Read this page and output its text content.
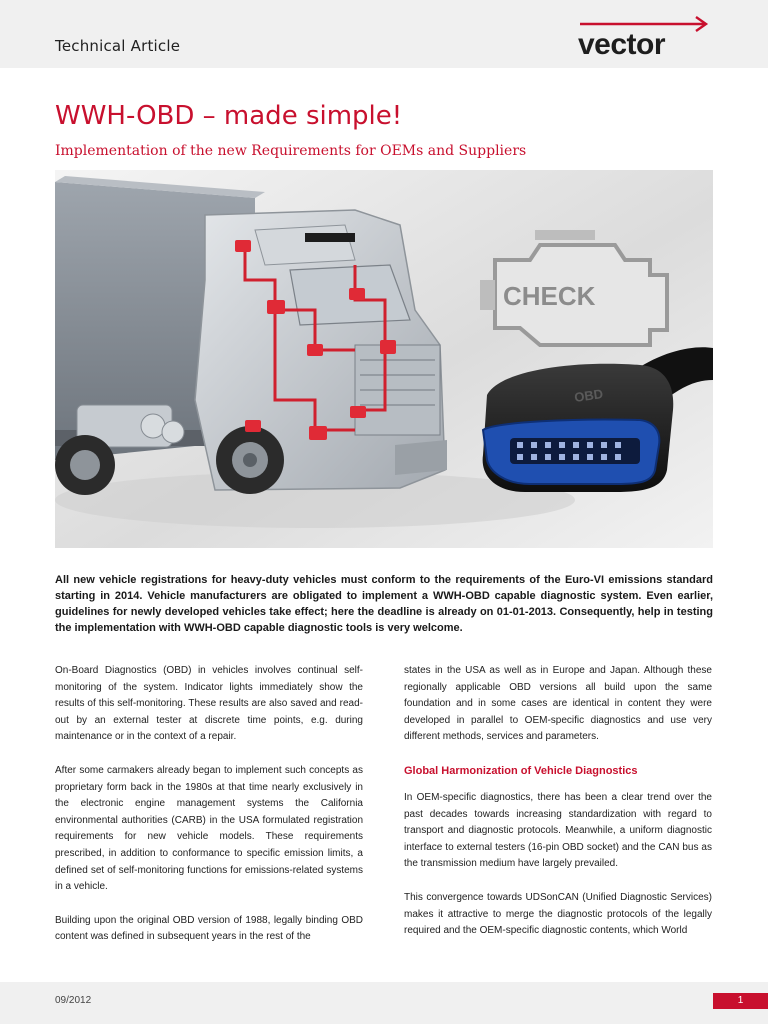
Technical Article	vector
WWH-OBD – made simple!
Implementation of the new Requirements for OEMs and Suppliers
CHECK
OBD
All new vehicle registrations for heavy-duty vehicles must conform to the requirements of the Euro-VI emissions standard starting in 2014. Vehicle manufacturers are obligated to implement a WWH-OBD capable diagnostic system. Even earlier, guidelines for newly developed vehicles take effect; here the deadline is already on 01-01-2013. Consequently, help in testing the implementation with WWH-OBD capable diagnostic tools is very welcome.

On-Board Diagnostics (OBD) in vehicles involves continual self-monitoring of the system. Indicator lights immediately show the results of this self-monitoring. These results are also saved and read-out by an external tester at discrete time points, e.g. during maintenance or in the context of a repair.

After some carmakers already began to implement such concepts as proprietary form back in the 1980s at that time nearly exclusively in the electronic engine management systems the California environmental authorities (CARB) in the USA formulated registration requirements for new vehicle models. These requirements prescribed, in addition to conformance to specific emission limits, a defined set of self-monitoring functions for emissions-related systems in a vehicle.

Building upon the original OBD version of 1988, legally binding OBD content was defined in subsequent years in the rest of the

states in the USA as well as in Europe and Japan. Although these regionally applicable OBD versions all build upon the same foundation and in some cases are identical in content they were developed in parallel to OEM-specific diagnostics and use very different methods, services and parameters.

Global Harmonization of Vehicle Diagnostics

In OEM-specific diagnostics, there has been a clear trend over the past decades towards increasing standardization with regard to transport and diagnostic protocols. Meanwhile, a uniform diagnostic interface to external testers (16-pin OBD socket) and the CAN bus as the transmission medium have largely prevailed.

This convergence towards UDSonCAN (Unified Diagnostic Services) makes it attractive to merge the diagnostic protocols of the legally required and the OEM-specific diagnostic contents, which World

09/2012	1
